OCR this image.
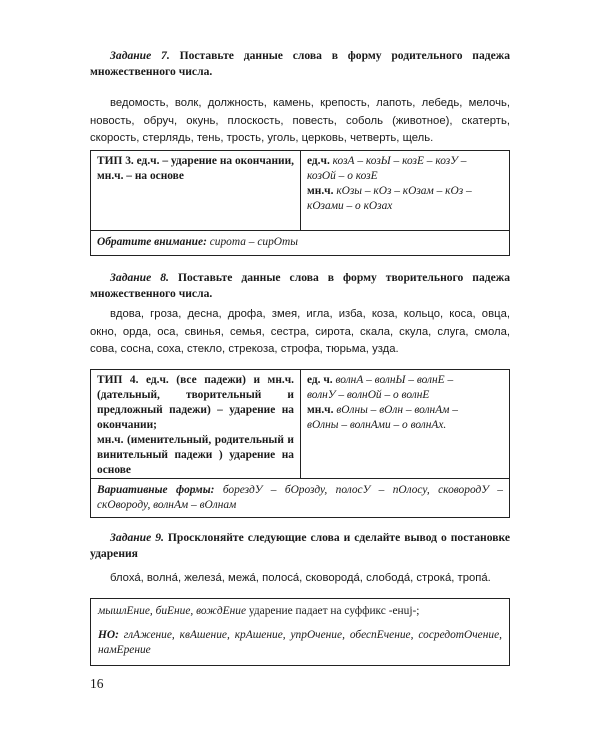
Задание 7. Поставьте данные слова в форму родительного падежа множественного числа.
ведомость, волк, должность, камень, крепость, лапоть, лебедь, мелочь, новость, обруч, окунь, плоскость, повесть, соболь (животное), скатерть, скорость, стерлядь, тень, трость, уголь, церковь, четверть, щель.
ТИП 3. ед.ч. – ударение на окончании, мн.ч. – на основе
ед.ч. козА – козЫ – козЕ – козУ –
козОй – о козЕ
мн.ч. кОзы – кОз – кОзам – кОз –
кОзами – о кОзах
Обратите внимание: сирота – сирОты
Задание 8. Поставьте данные слова в форму творительного падежа множественного числа.
вдова, гроза, десна, дрофа, змея, игла, изба, коза, кольцо, коса, овца, окно, орда, оса, свинья, семья, сестра, сирота, скала, скула, слуга, смола, сова, сосна, соха, стекло, стрекоза, строфа, тюрьма, узда.
ТИП 4. ед.ч. (все падежи) и мн.ч. (дательный, творительный и предложный падежи) – ударение на окончании;
мн.ч. (именительный, родительный и винительный падежи ) ударение на основе
ед. ч. волнА – волнЫ – волнЕ –
волнУ – волнОй – о волнЕ
мн.ч. вОлны – вОлн – волнАм –
вОлны – волнАми – о волнАх.
Вариативные формы: борездУ – бОрозду, полосУ – пОлосу, сковородУ – скОвороду, волнАм – вОлнам
Задание 9. Просклоняйте следующие слова и сделайте вывод о постановке ударения
блоха́, волна́, железа́, межа́, полоса́, сковорода́, слобода́, строка́, тропа́.
мышлЕние, биЕние, вождЕние ударение падает на суффикс -енuj-;
НО: глАжение, квАшение, крАшение, упрОчение, обеспЕчение, сосредотОчение, намЕрение
16
